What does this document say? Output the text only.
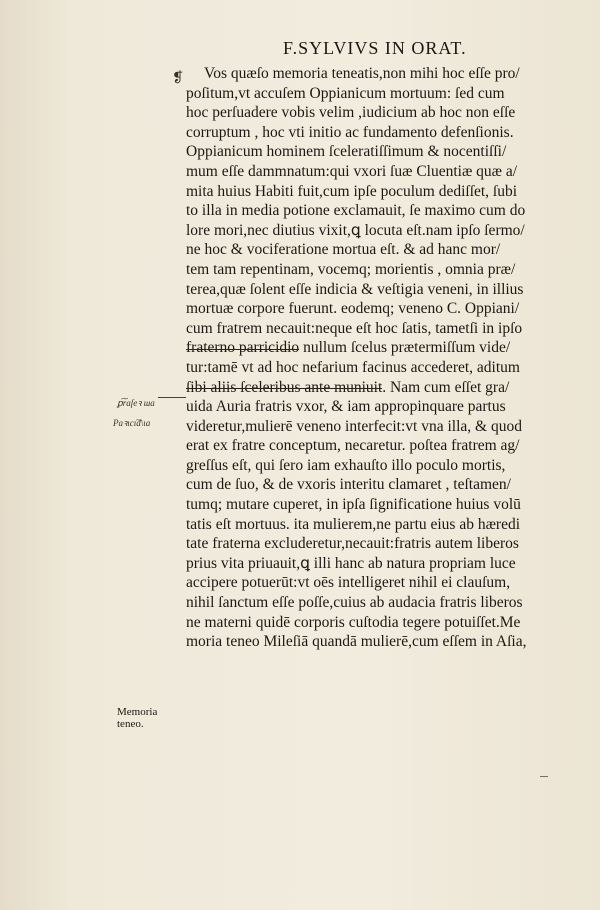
F.SYLVIVS IN ORAT.
❡	Vos quæſo memoria teneatis,non mihi hoc eſſe pro/
poſitum,vt accuſem Oppianicum mortuum: ſed cum
hoc perſuadere vobis velim ,iudicium ab hoc non eſſe
corruptum , hoc vti initio ac fundamento defenſionis.
Oppianicum hominem ſceleratiſſimum & nocentiſſi/
mum eſſe dammnatum:qui vxori ſuæ Cluentiæ quæ a/
mita huius Habiti fuit,cum ipſe poculum dediſſet, ſubi
to illa in media potione exclamauit, ſe maximo cum do
lore mori,nec diutius vixit,ꝗ locuta eſt.nam ipſo ſermo/
ne hoc & vociferatione mortua eſt. & ad hanc mor/
tem tam repentinam, vocemq; morientis , omnia præ/
terea,quæ ſolent eſſe indicia & veſtigia veneni, in illius
mortuæ corpore fuerunt. eodemq; veneno C. Oppiani/
cum fratrem necauit:neque eſt hoc ſatis, tametſi in ipſo
fraterno parricidio nullum ſcelus prætermiſſum vide/
tur:tamē vt ad hoc nefarium facinus accederet, aditum
ſibi aliis ſceleribus ante muniuit. Nam cum eſſet gra/
uida Auria fratris vxor, & iam appropinquare partus
videretur,mulierē veneno interfecit:vt vna illa, & quod
erat ex fratre conceptum, necaretur. poſtea fratrem ag/
greſſus eſt, qui ſero iam exhauſto illo poculo mortis,
cum de ſuo, & de vxoris interitu clamaret , teſtamen/
tumq; mutare cuperet, in ipſa ſignificatione huius volū
tatis eſt mortuus. ita mulierem,ne partu eius ab hæredi
tate fraterna excluderetur,necauit:fratris autem liberos
prius vita priuauit,ꝗ illi hanc ab natura propriam luce
accipere potuerūt:vt oēs intelligeret nihil ei clauſum,
nihil ſanctum eſſe poſſe,cuius ab audacia fratris liberos
ne materni quidē corporis cuſtodia tegere potuiſſet.Me
moria teneo Mileſiā quandā mulierē,cum eſſem in Aſia,
ꝑ͠raſeꝛ ɯa
Paꝛɩcı͠d\ιa
Memoria
teneo.
